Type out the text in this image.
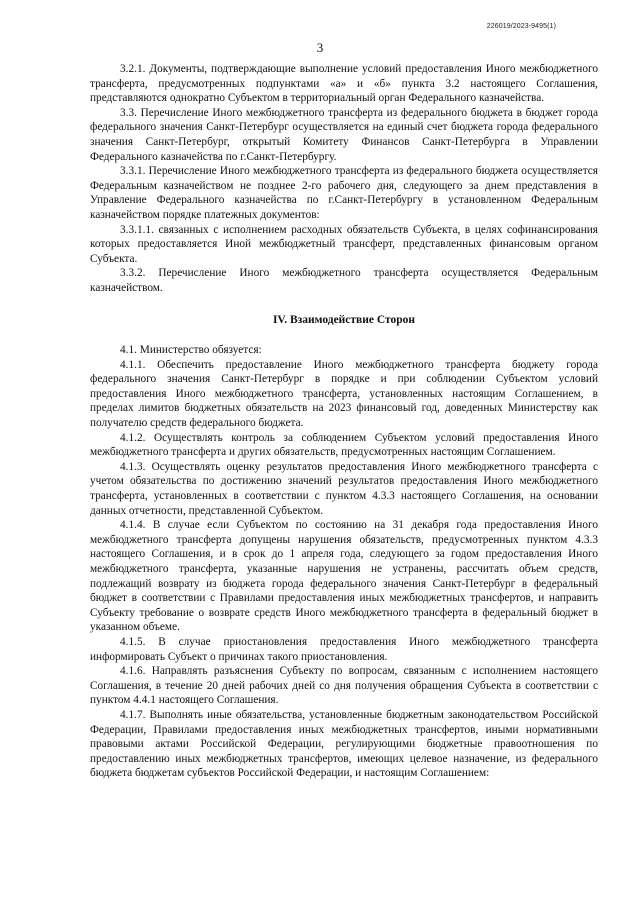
226019/2023-9495(1)
3

3.2.1. Документы, подтверждающие выполнение условий предоставления Иного межбюджетного трансферта, предусмотренных подпунктами «а» и «б» пункта 3.2 настоящего Соглашения, представляются однократно Субъектом в территориальный орган Федерального казначейства.

3.3. Перечисление Иного межбюджетного трансферта из федерального бюджета в бюджет города федерального значения Санкт-Петербург осуществляется на единый счет бюджета города федерального значения Санкт-Петербург, открытый Комитету Финансов Санкт-Петербурга в Управлении Федерального казначейства по г.Санкт-Петербургу.

3.3.1. Перечисление Иного межбюджетного трансферта из федерального бюджета осуществляется Федеральным казначейством не позднее 2-го рабочего дня, следующего за днем представления в Управление Федерального казначейства по г.Санкт-Петербургу в установленном Федеральным казначейством порядке платежных документов:

3.3.1.1. связанных с исполнением расходных обязательств Субъекта, в целях софинансирования которых предоставляется Иной межбюджетный трансферт, представленных финансовым органом Субъекта.

3.3.2. Перечисление Иного межбюджетного трансферта осуществляется Федеральным казначейством.

IV. Взаимодействие Сторон

4.1. Министерство обязуется:

4.1.1. Обеспечить предоставление Иного межбюджетного трансферта бюджету города федерального значения Санкт-Петербург в порядке и при соблюдении Субъектом условий предоставления Иного межбюджетного трансферта, установленных настоящим Соглашением, в пределах лимитов бюджетных обязательств на 2023 финансовый год, доведенных Министерству как получателю средств федерального бюджета.

4.1.2. Осуществлять контроль за соблюдением Субъектом условий предоставления Иного межбюджетного трансферта и других обязательств, предусмотренных настоящим Соглашением.

4.1.3. Осуществлять оценку результатов предоставления Иного межбюджетного трансферта с учетом обязательства по достижению значений результатов предоставления Иного межбюджетного трансферта, установленных в соответствии с пунктом 4.3.3 настоящего Соглашения, на основании данных отчетности, представленной Субъектом.

4.1.4. В случае если Субъектом по состоянию на 31 декабря года предоставления Иного межбюджетного трансферта допущены нарушения обязательств, предусмотренных пунктом 4.3.3 настоящего Соглашения, и в срок до 1 апреля года, следующего за годом предоставления Иного межбюджетного трансферта, указанные нарушения не устранены, рассчитать объем средств, подлежащий возврату из бюджета города федерального значения Санкт-Петербург в федеральный бюджет в соответствии с Правилами предоставления иных межбюджетных трансфертов, и направить Субъекту требование о возврате средств Иного межбюджетного трансферта в федеральный бюджет в указанном объеме.

4.1.5. В случае приостановления предоставления Иного межбюджетного трансферта информировать Субъект о причинах такого приостановления.

4.1.6. Направлять разъяснения Субъекту по вопросам, связанным с исполнением настоящего Соглашения, в течение 20 дней рабочих дней со дня получения обращения Субъекта в соответствии с пунктом 4.4.1 настоящего Соглашения.

4.1.7. Выполнять иные обязательства, установленные бюджетным законодательством Российской Федерации, Правилами предоставления иных межбюджетных трансфертов, иными нормативными правовыми актами Российской Федерации, регулирующими бюджетные правоотношения по предоставлению иных межбюджетных трансфертов, имеющих целевое назначение, из федерального бюджета бюджетам субъектов Российской Федерации, и настоящим Соглашением:
